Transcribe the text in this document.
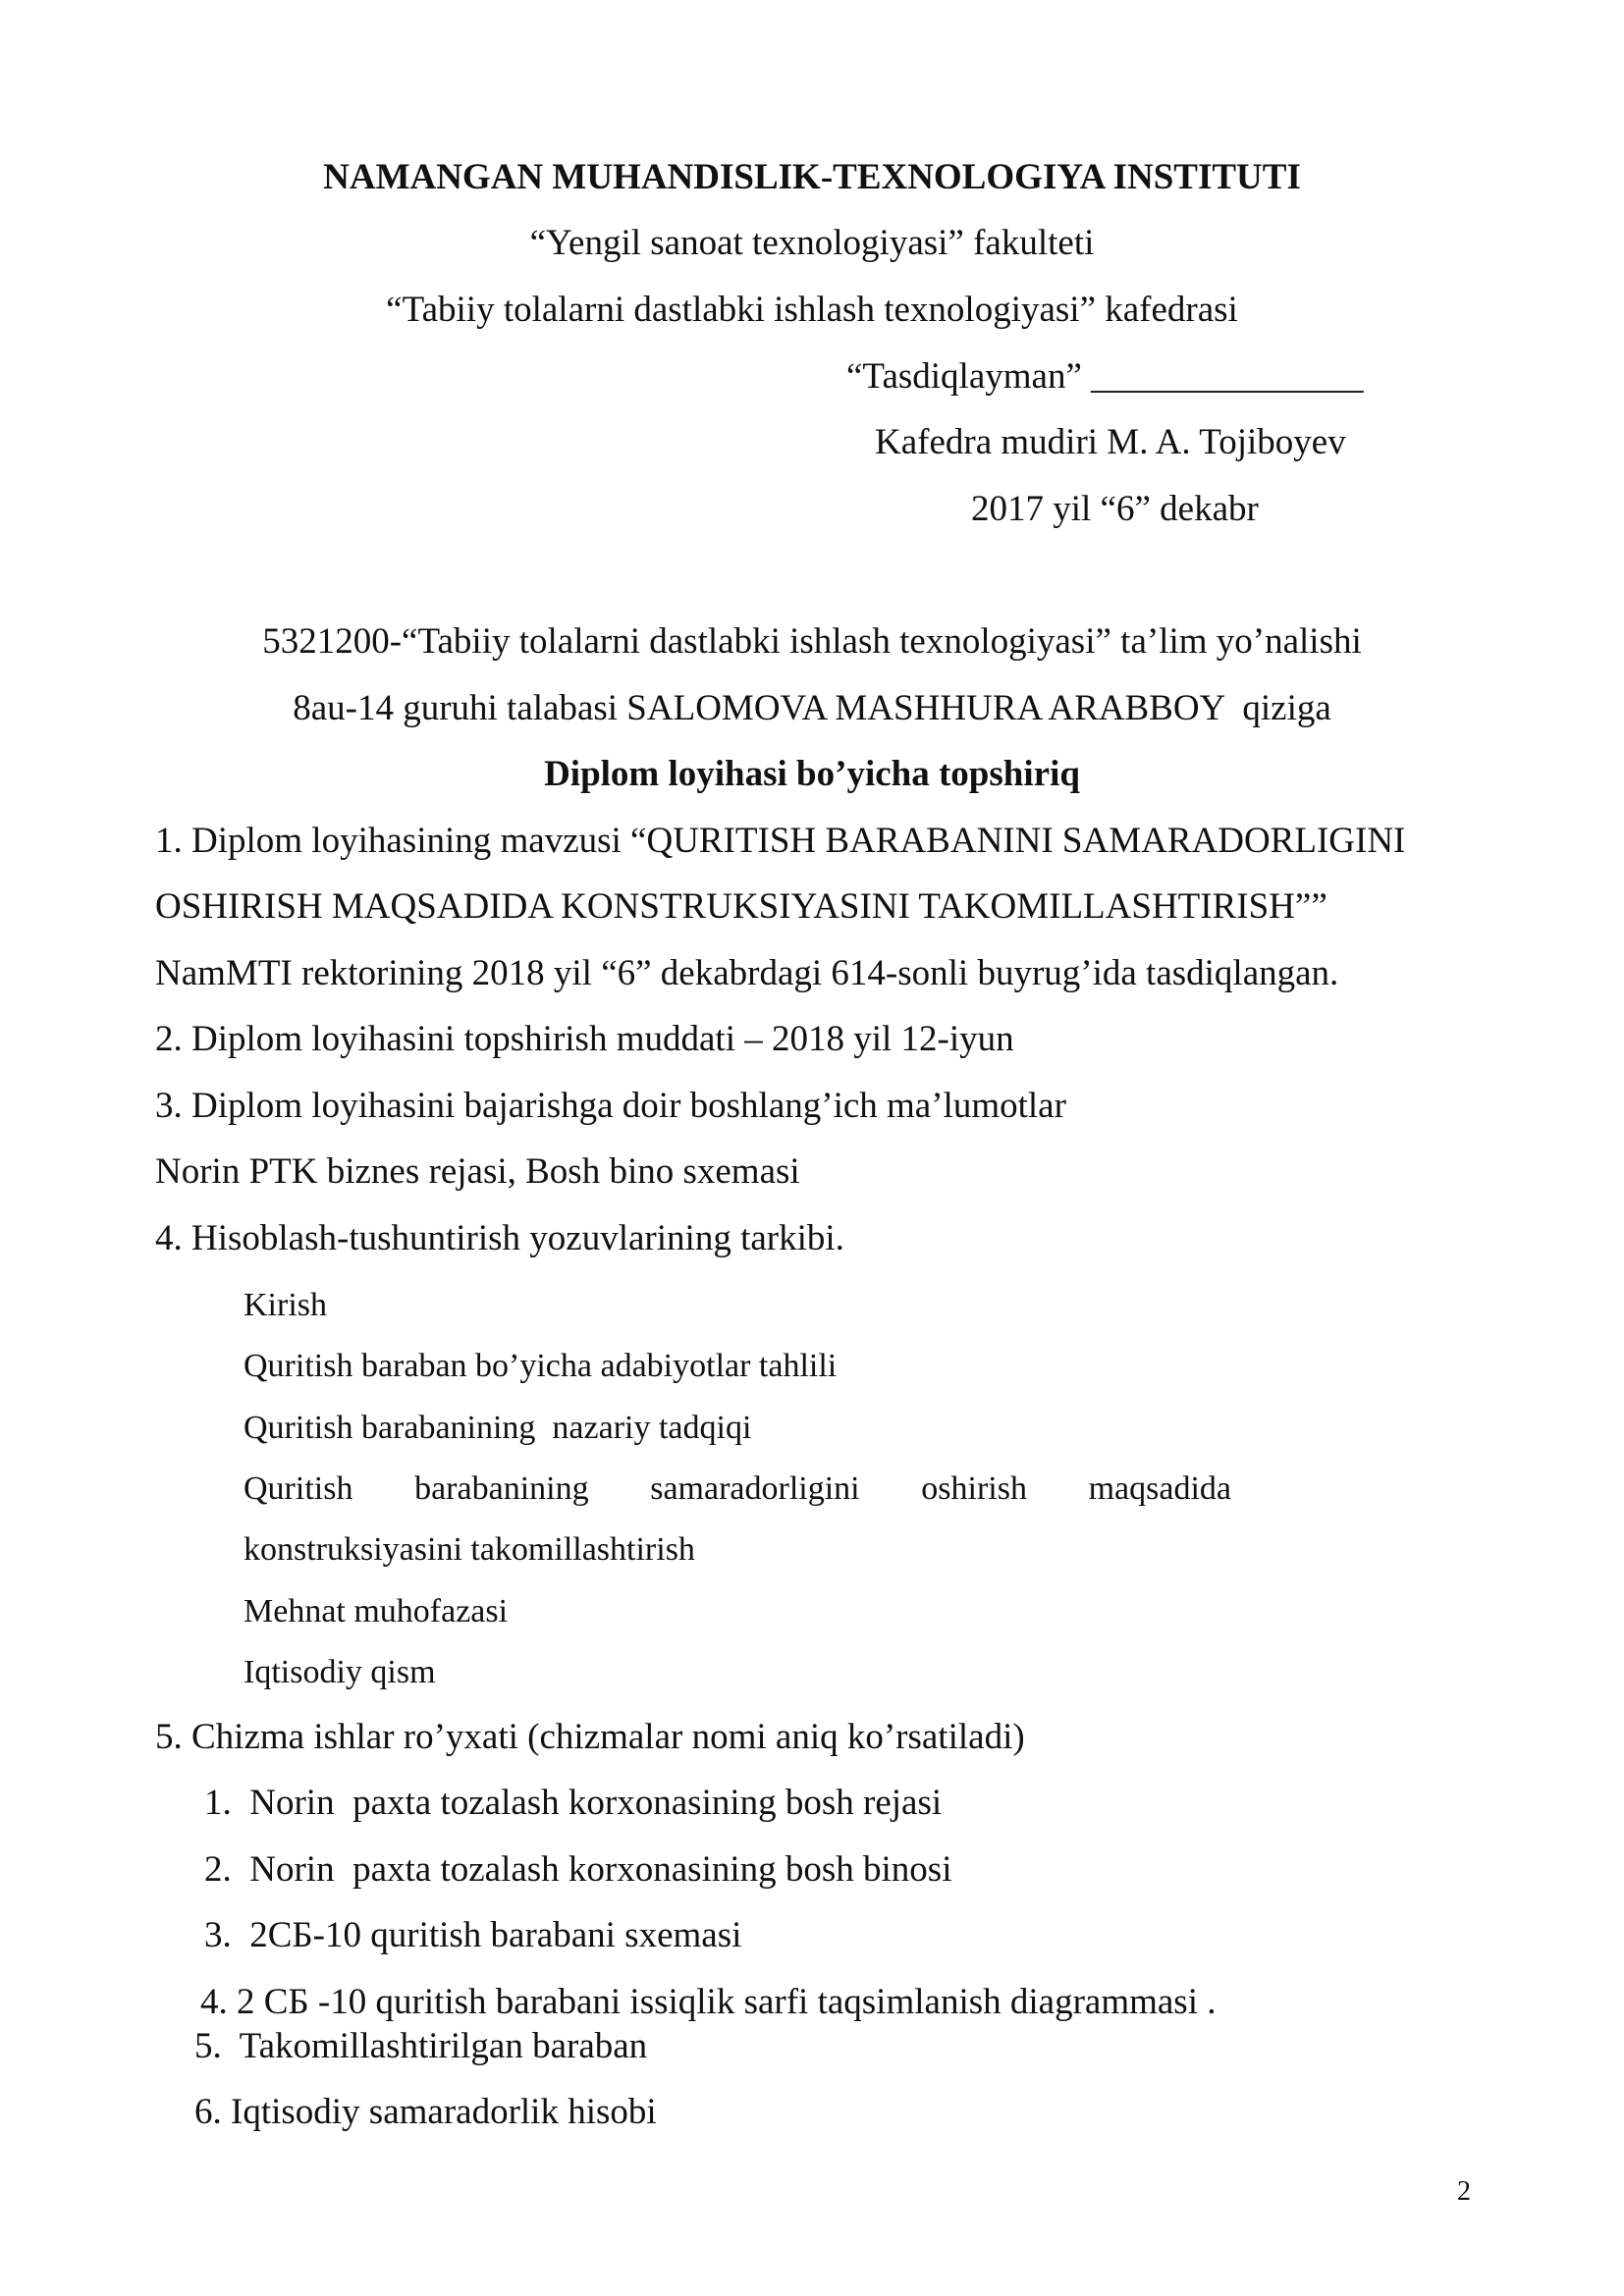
NAMANGAN MUHANDISLIK-TEXNOLOGIYA INSTITUTI
“Yengil sanoat texnologiyasi” fakulteti
“Tabiiy tolalarni dastlabki ishlash texnologiyasi” kafedrasi
“Tasdiqlayman” _______________
Kafedra mudiri M. A. Tojiboyev
2017 yil “6” dekabr
5321200-“Tabiiy tolalarni dastlabki ishlash texnologiyasi” ta’lim yo’nalishi
8au-14 guruhi talabasi SALOMOVA MASHHURA ARABBOY  qiziga
Diplom loyihasi bo’yicha topshiriq
1. Diplom loyihasining mavzusi “QURITISH BARABANINI SAMARADORLIGINI
OSHIRISH MAQSADIDA KONSTRUKSIYASINI TAKOMILLASHTIRISH””
NamMTI rektorining 2018 yil “6” dekabrdagi 614-sonli buyrug’ida tasdiqlangan.
2. Diplom loyihasini topshirish muddati – 2018 yil 12-iyun
3. Diplom loyihasini bajarishga doir boshlang’ich ma’lumotlar
Norin PTK biznes rejasi, Bosh bino sxemasi
4. Hisoblash-tushuntirish yozuvlarining tarkibi.
Kirish
Quritish baraban bo’yicha adabiyotlar tahlili
Quritish barabanining  nazariy tadqiqi
Quritish barabanining samaradorligini oshirish maqsadida
konstruksiyasini takomillashtirish
Mehnat muhofazasi
Iqtisodiy qism
5. Chizma ishlar ro’yxati (chizmalar nomi aniq ko’rsatiladi)
1.  Norin  paxta tozalash korxonasining bosh rejasi
2.  Norin  paxta tozalash korxonasining bosh binosi
3.  2СБ-10 quritish barabani sxemasi
4. 2 СБ -10 quritish barabani issiqlik sarfi taqsimlanish diagrammasi .
5.  Takomillashtirilgan baraban
6. Iqtisodiy samaradorlik hisobi
2
